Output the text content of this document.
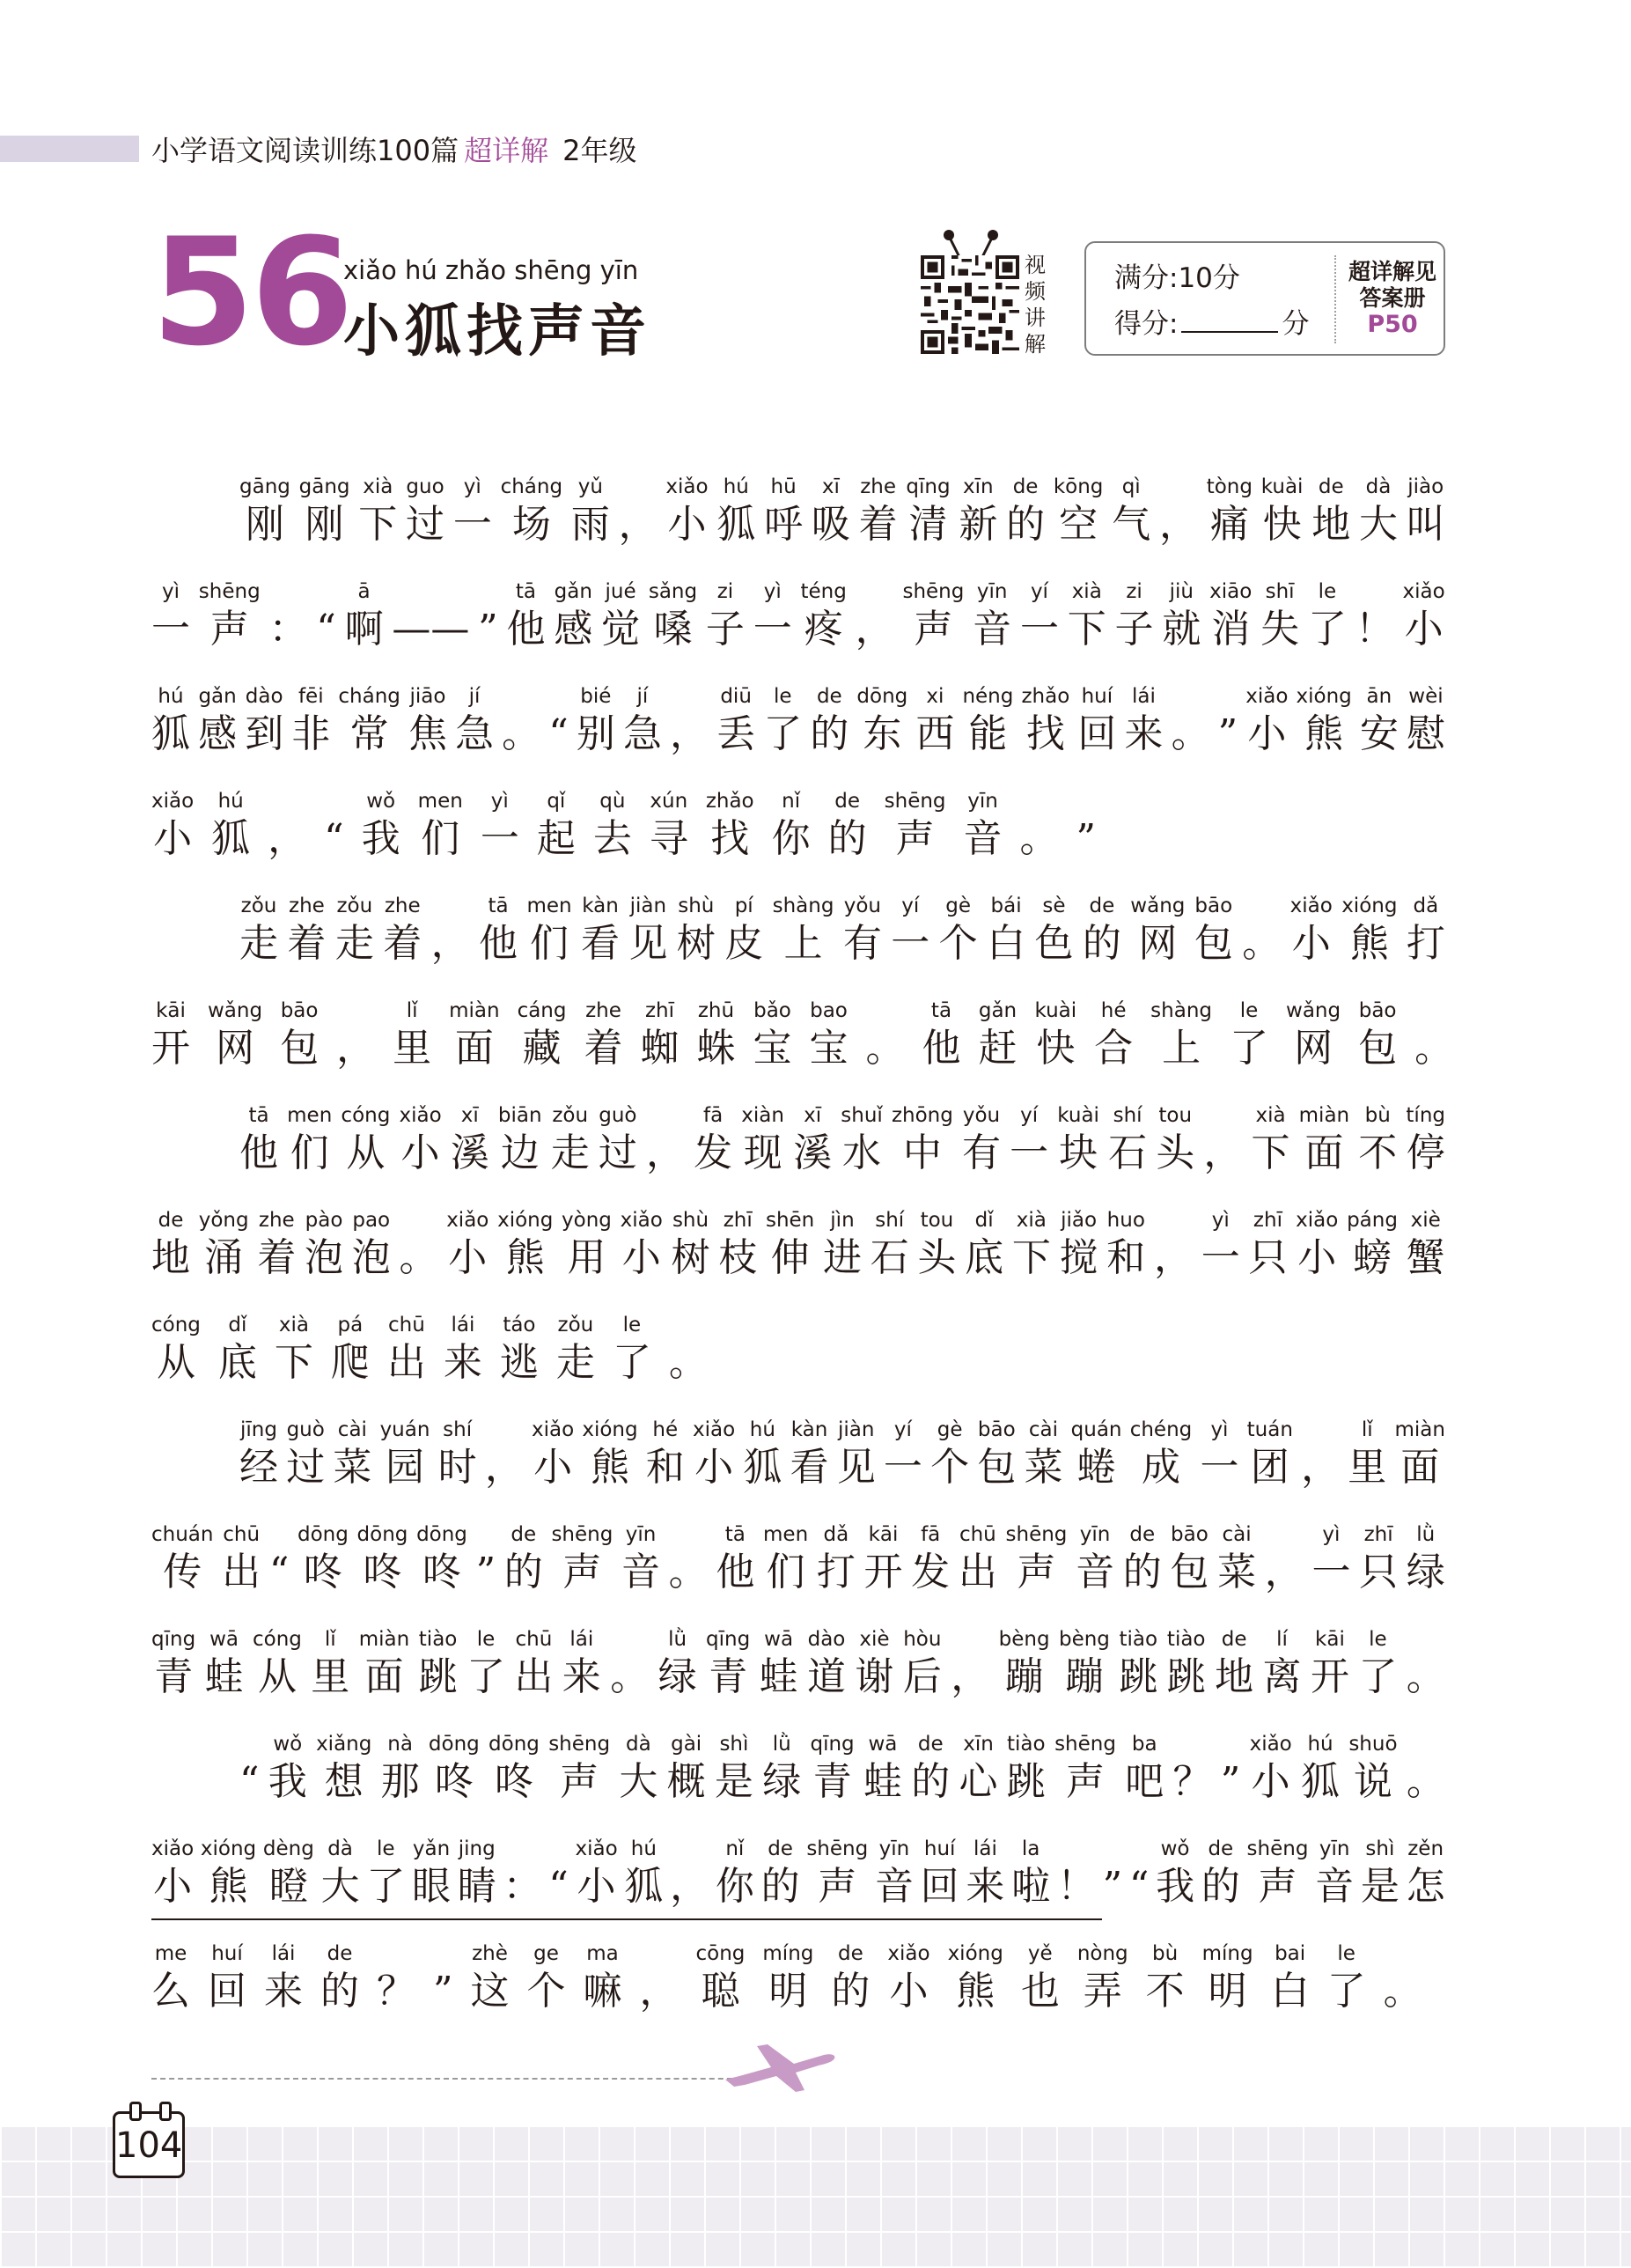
小学语文阅读训练100篇 超详解 2年级
56
xiǎo hú zhǎo shēng yīn
小狐找声音
视
频
讲
解
满分:10分
得分:	分
超详解见
答案册
P50
gāng
刚
gāng
刚
xià
下
guo
过
yì
一
cháng
场
yǔ
雨 ，
xiǎo
小
hú
狐
hū
呼
xī
吸
zhe
着
qīng
清
xīn
新
de
的
kōng
空
qì
气 ，
tòng
痛
kuài
快
de
地
dà
大
jiào
叫
yì
一
shēng
声 ： “
ā
啊 —— ”
tā
他
gǎn
感
jué
觉
sǎng
嗓
zi
子
yì
一
téng
疼 ，
shēng
声
yīn
音
yí
一
xià
下
zi
子
jiù
就
xiāo
消
shī
失
le
了 ！
xiǎo
小
hú
狐
gǎn
感
dào
到
fēi
非
cháng
常
jiāo
焦
jí
急 。 “
bié
别
jí
急 ，
diū
丢
le
了
de
的
dōng
东
xi
西
néng
能
zhǎo
找
huí
回
lái
来 。 ”
xiǎo
小
xióng
熊
ān
安
wèi
慰
xiǎo
小
hú
狐 ， “
wǒ
我
men
们
yì
一
qǐ
起
qù
去
xún
寻
zhǎo
找
nǐ
你
de
的
shēng
声
yīn
音 。 ”
zǒu
走
zhe
着
zǒu
走
zhe
着 ，
tā
他
men
们
kàn
看
jiàn
见
shù
树
pí
皮
shàng
上
yǒu
有
yí
一
gè
个
bái
白
sè
色
de
的
wǎng
网
bāo
包 。
xiǎo
小
xióng
熊
dǎ
打
kāi
开
wǎng
网
bāo
包 ，
lǐ
里
miàn
面
cáng
藏
zhe
着
zhī
蜘
zhū
蛛
bǎo
宝
bao
宝 。
tā
他
gǎn
赶
kuài
快
hé
合
shàng
上
le
了
wǎng
网
bāo
包 。
tā
他
men
们
cóng
从
xiǎo
小
xī
溪
biān
边
zǒu
走
guò
过 ，
fā
发
xiàn
现
xī
溪
shuǐ
水
zhōng
中
yǒu
有
yí
一
kuài
块
shí
石
tou
头 ，
xià
下
miàn
面
bù
不
tíng
停
de
地
yǒng
涌
zhe
着
pào
泡
pao
泡 。
xiǎo
小
xióng
熊
yòng
用
xiǎo
小
shù
树
zhī
枝
shēn
伸
jìn
进
shí
石
tou
头
dǐ
底
xià
下
jiǎo
搅
huo
和 ，
yì
一
zhī
只
xiǎo
小
páng
螃
xiè
蟹
cóng
从
dǐ
底
xià
下
pá
爬
chū
出
lái
来
táo
逃
zǒu
走
le
了 。
jīng
经
guò
过
cài
菜
yuán
园
shí
时 ，
xiǎo
小
xióng
熊
hé
和
xiǎo
小
hú
狐
kàn
看
jiàn
见
yí
一
gè
个
bāo
包
cài
菜
quán
蜷
chéng
成
yì
一
tuán
团 ，
lǐ
里
miàn
面
chuán
传
chū
出 “
dōng
咚
dōng
咚
dōng
咚 ”
de
的
shēng
声
yīn
音 。
tā
他
men
们
dǎ
打
kāi
开
fā
发
chū
出
shēng
声
yīn
音
de
的
bāo
包
cài
菜 ，
yì
一
zhī
只
lǜ
绿
qīng
青
wā
蛙
cóng
从
lǐ
里
miàn
面
tiào
跳
le
了
chū
出
lái
来 。
lǜ
绿
qīng
青
wā
蛙
dào
道
xiè
谢
hòu
后 ，
bèng
蹦
bèng
蹦
tiào
跳
tiào
跳
de
地
lí
离
kāi
开
le
了 。
“
wǒ
我
xiǎng
想
nà
那
dōng
咚
dōng
咚
shēng
声
dà
大
gài
概
shì
是
lǜ
绿
qīng
青
wā
蛙
de
的
xīn
心
tiào
跳
shēng
声
ba
吧 ？ ”
xiǎo
小
hú
狐
shuō
说 。
xiǎo
小
xióng
熊
dèng
瞪
dà
大
le
了
yǎn
眼
jing
睛 ： “
xiǎo
小
hú
狐 ，
nǐ
你
de
的
shēng
声
yīn
音
huí
回
lái
来
la
啦 ！ ” “
wǒ
我
de
的
shēng
声
yīn
音
shì
是
zěn
怎
me
么
huí
回
lái
来
de
的 ？ ”
zhè
这
ge
个
ma
嘛 ，
cōng
聪
míng
明
de
的
xiǎo
小
xióng
熊
yě
也
nòng
弄
bù
不
míng
明
bai
白
le
了 。
104
